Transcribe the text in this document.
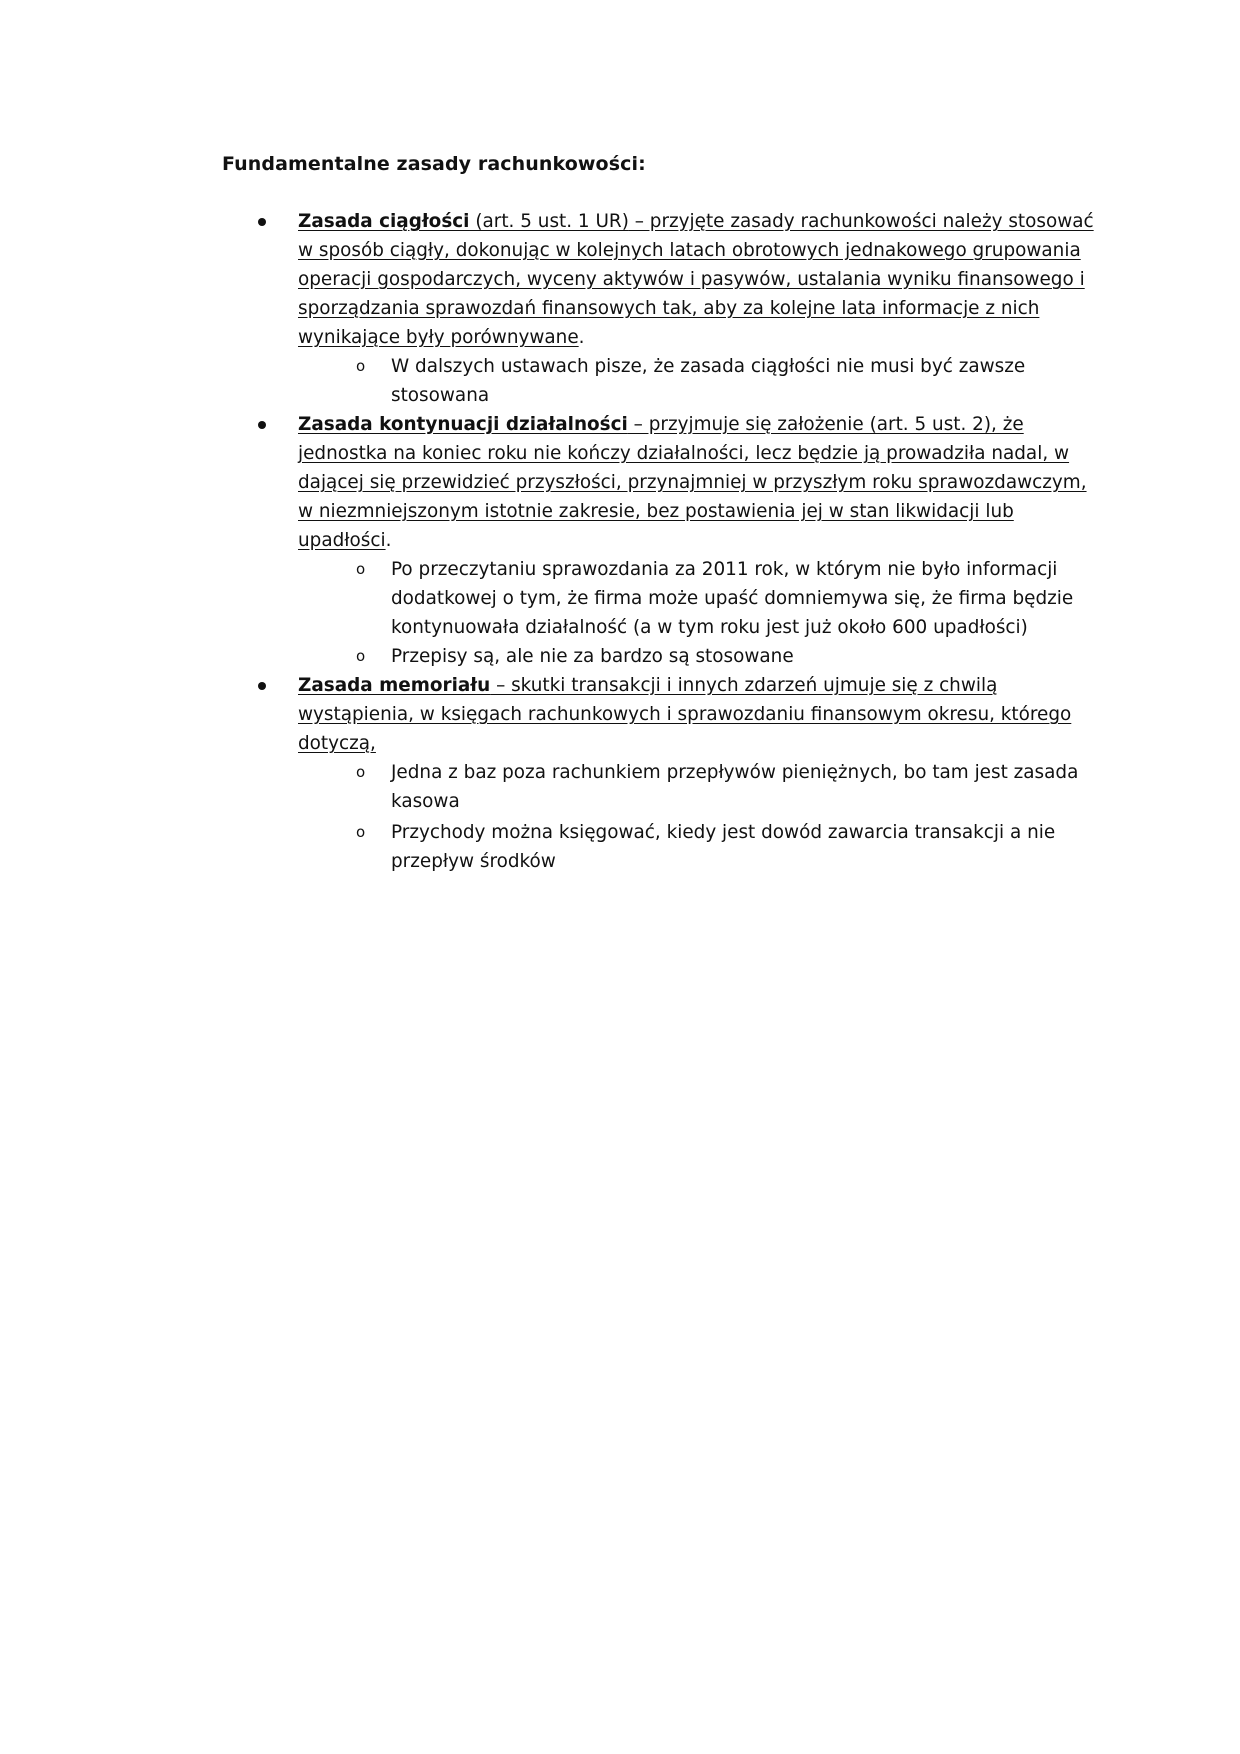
Fundamentalne zasady rachunkowości:
Zasada ciągłości (art. 5 ust. 1 UR) – przyjęte zasady rachunkowości należy stosować w sposób ciągły, dokonując w kolejnych latach obrotowych jednakowego grupowania operacji gospodarczych, wyceny aktywów i pasywów, ustalania wyniku finansowego i sporządzania sprawozdań finansowych tak, aby za kolejne lata informacje z nich wynikające były porównywane.
o W dalszych ustawach pisze, że zasada ciągłości nie musi być zawsze stosowana
Zasada kontynuacji działalności – przyjmuje się założenie (art. 5 ust. 2), że jednostka na koniec roku nie kończy działalności, lecz będzie ją prowadziła nadal, w dającej się przewidzieć przyszłości, przynajmniej w przyszłym roku sprawozdawczym, w niezmniejszonym istotnie zakresie, bez postawienia jej w stan likwidacji lub upadłości.
o Po przeczytaniu sprawozdania za 2011 rok, w którym nie było informacji dodatkowej o tym, że firma może upaść domniemywa się, że firma będzie kontynuowała działalność (a w tym roku jest już około 600 upadłości)
o Przepisy są, ale nie za bardzo są stosowane
Zasada memoriału – skutki transakcji i innych zdarzeń ujmuje się z chwilą wystąpienia, w księgach rachunkowych i sprawozdaniu finansowym okresu, którego dotyczą,
o Jedna z baz poza rachunkiem przepływów pieniężnych, bo tam jest zasada kasowa
o Przychody można księgować, kiedy jest dowód zawarcia transakcji a nie przepływ środków
